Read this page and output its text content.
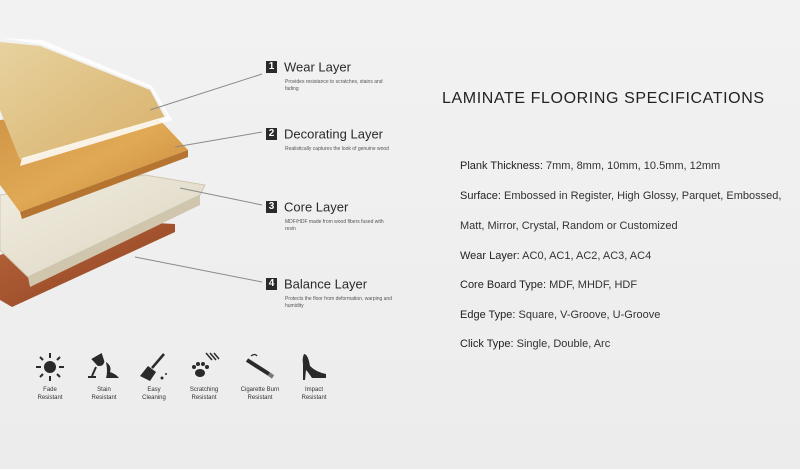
1 Wear Layer
Provides resistance to scratches, stains and fading
2 Decorating Layer
Realistically captures the look of genuine wood
3 Core Layer
MDF/HDF made from wood fibers fused with resin
4 Balance Layer
Protects the floor from deformation, warping and humidity
LAMINATE FLOORING SPECIFICATIONS
Plank Thickness: 7mm, 8mm, 10mm, 10.5mm, 12mm
Surface: Embossed in Register, High Glossy, Parquet, Embossed,
Matt, Mirror, Crystal, Random or Customized
Wear Layer: AC0, AC1, AC2, AC3, AC4
Core Board Type: MDF, MHDF, HDF
Edge Type: Square, V-Groove, U-Groove
Click Type: Single, Double, Arc
Fade
Resistant
Stain
Resistant
Easy
Cleaning
Scratching
Resistant
Cigarette Burn
Resistant
Impact
Resistant
